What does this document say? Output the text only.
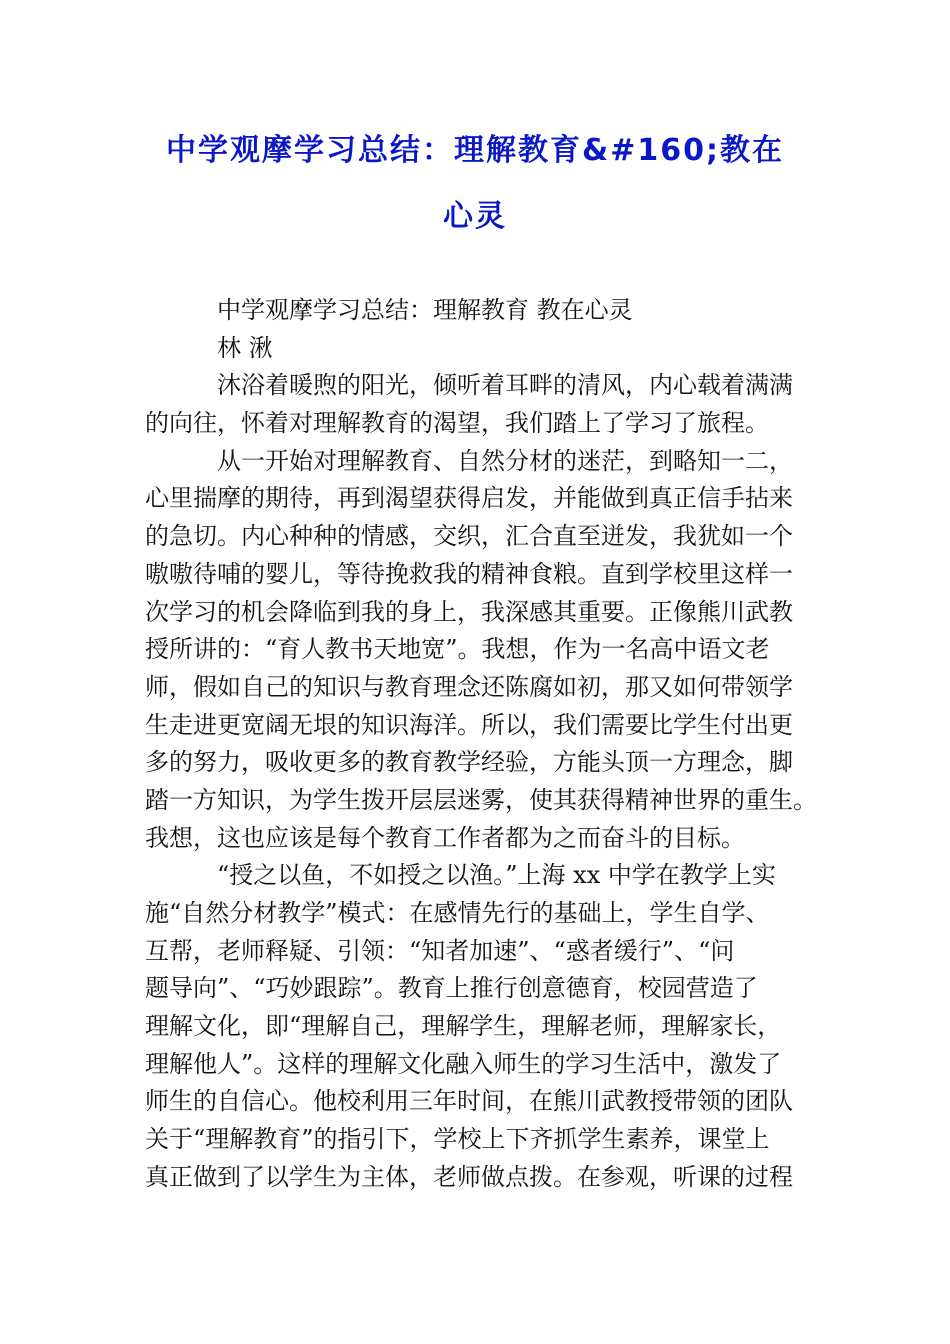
中学观摩学习总结：理解教育&#160;教在
心灵
中学观摩学习总结：理解教育 教在心灵
林 湫
沐浴着暖煦的阳光，倾听着耳畔的清风，内心载着满满
的向往，怀着对理解教育的渴望，我们踏上了学习了旅程。
从一开始对理解教育、自然分材的迷茫，到略知一二，
心里揣摩的期待，再到渴望获得启发，并能做到真正信手拈来
的急切。内心种种的情感，交织，汇合直至迸发，我犹如一个
嗷嗷待哺的婴儿，等待挽救我的精神食粮。直到学校里这样一
次学习的机会降临到我的身上，我深感其重要。正像熊川武教
授所讲的：“育人教书天地宽”。我想，作为一名高中语文老
师，假如自己的知识与教育理念还陈腐如初，那又如何带领学
生走进更宽阔无垠的知识海洋。所以，我们需要比学生付出更
多的努力，吸收更多的教育教学经验，方能头顶一方理念，脚
踏一方知识，为学生拨开层层迷雾，使其获得精神世界的重生。
我想，这也应该是每个教育工作者都为之而奋斗的目标。
“授之以鱼，不如授之以渔。”上海 xx 中学在教学上实
施“自然分材教学”模式：在感情先行的基础上，学生自学、
互帮，老师释疑、引领：“知者加速”、“惑者缓行”、“问
题导向”、“巧妙跟踪”。教育上推行创意德育，校园营造了
理解文化，即“理解自己，理解学生，理解老师，理解家长，
理解他人”。这样的理解文化融入师生的学习生活中，激发了
师生的自信心。他校利用三年时间，在熊川武教授带领的团队
关于“理解教育”的指引下，学校上下齐抓学生素养，课堂上
真正做到了以学生为主体，老师做点拨。在参观，听课的过程
